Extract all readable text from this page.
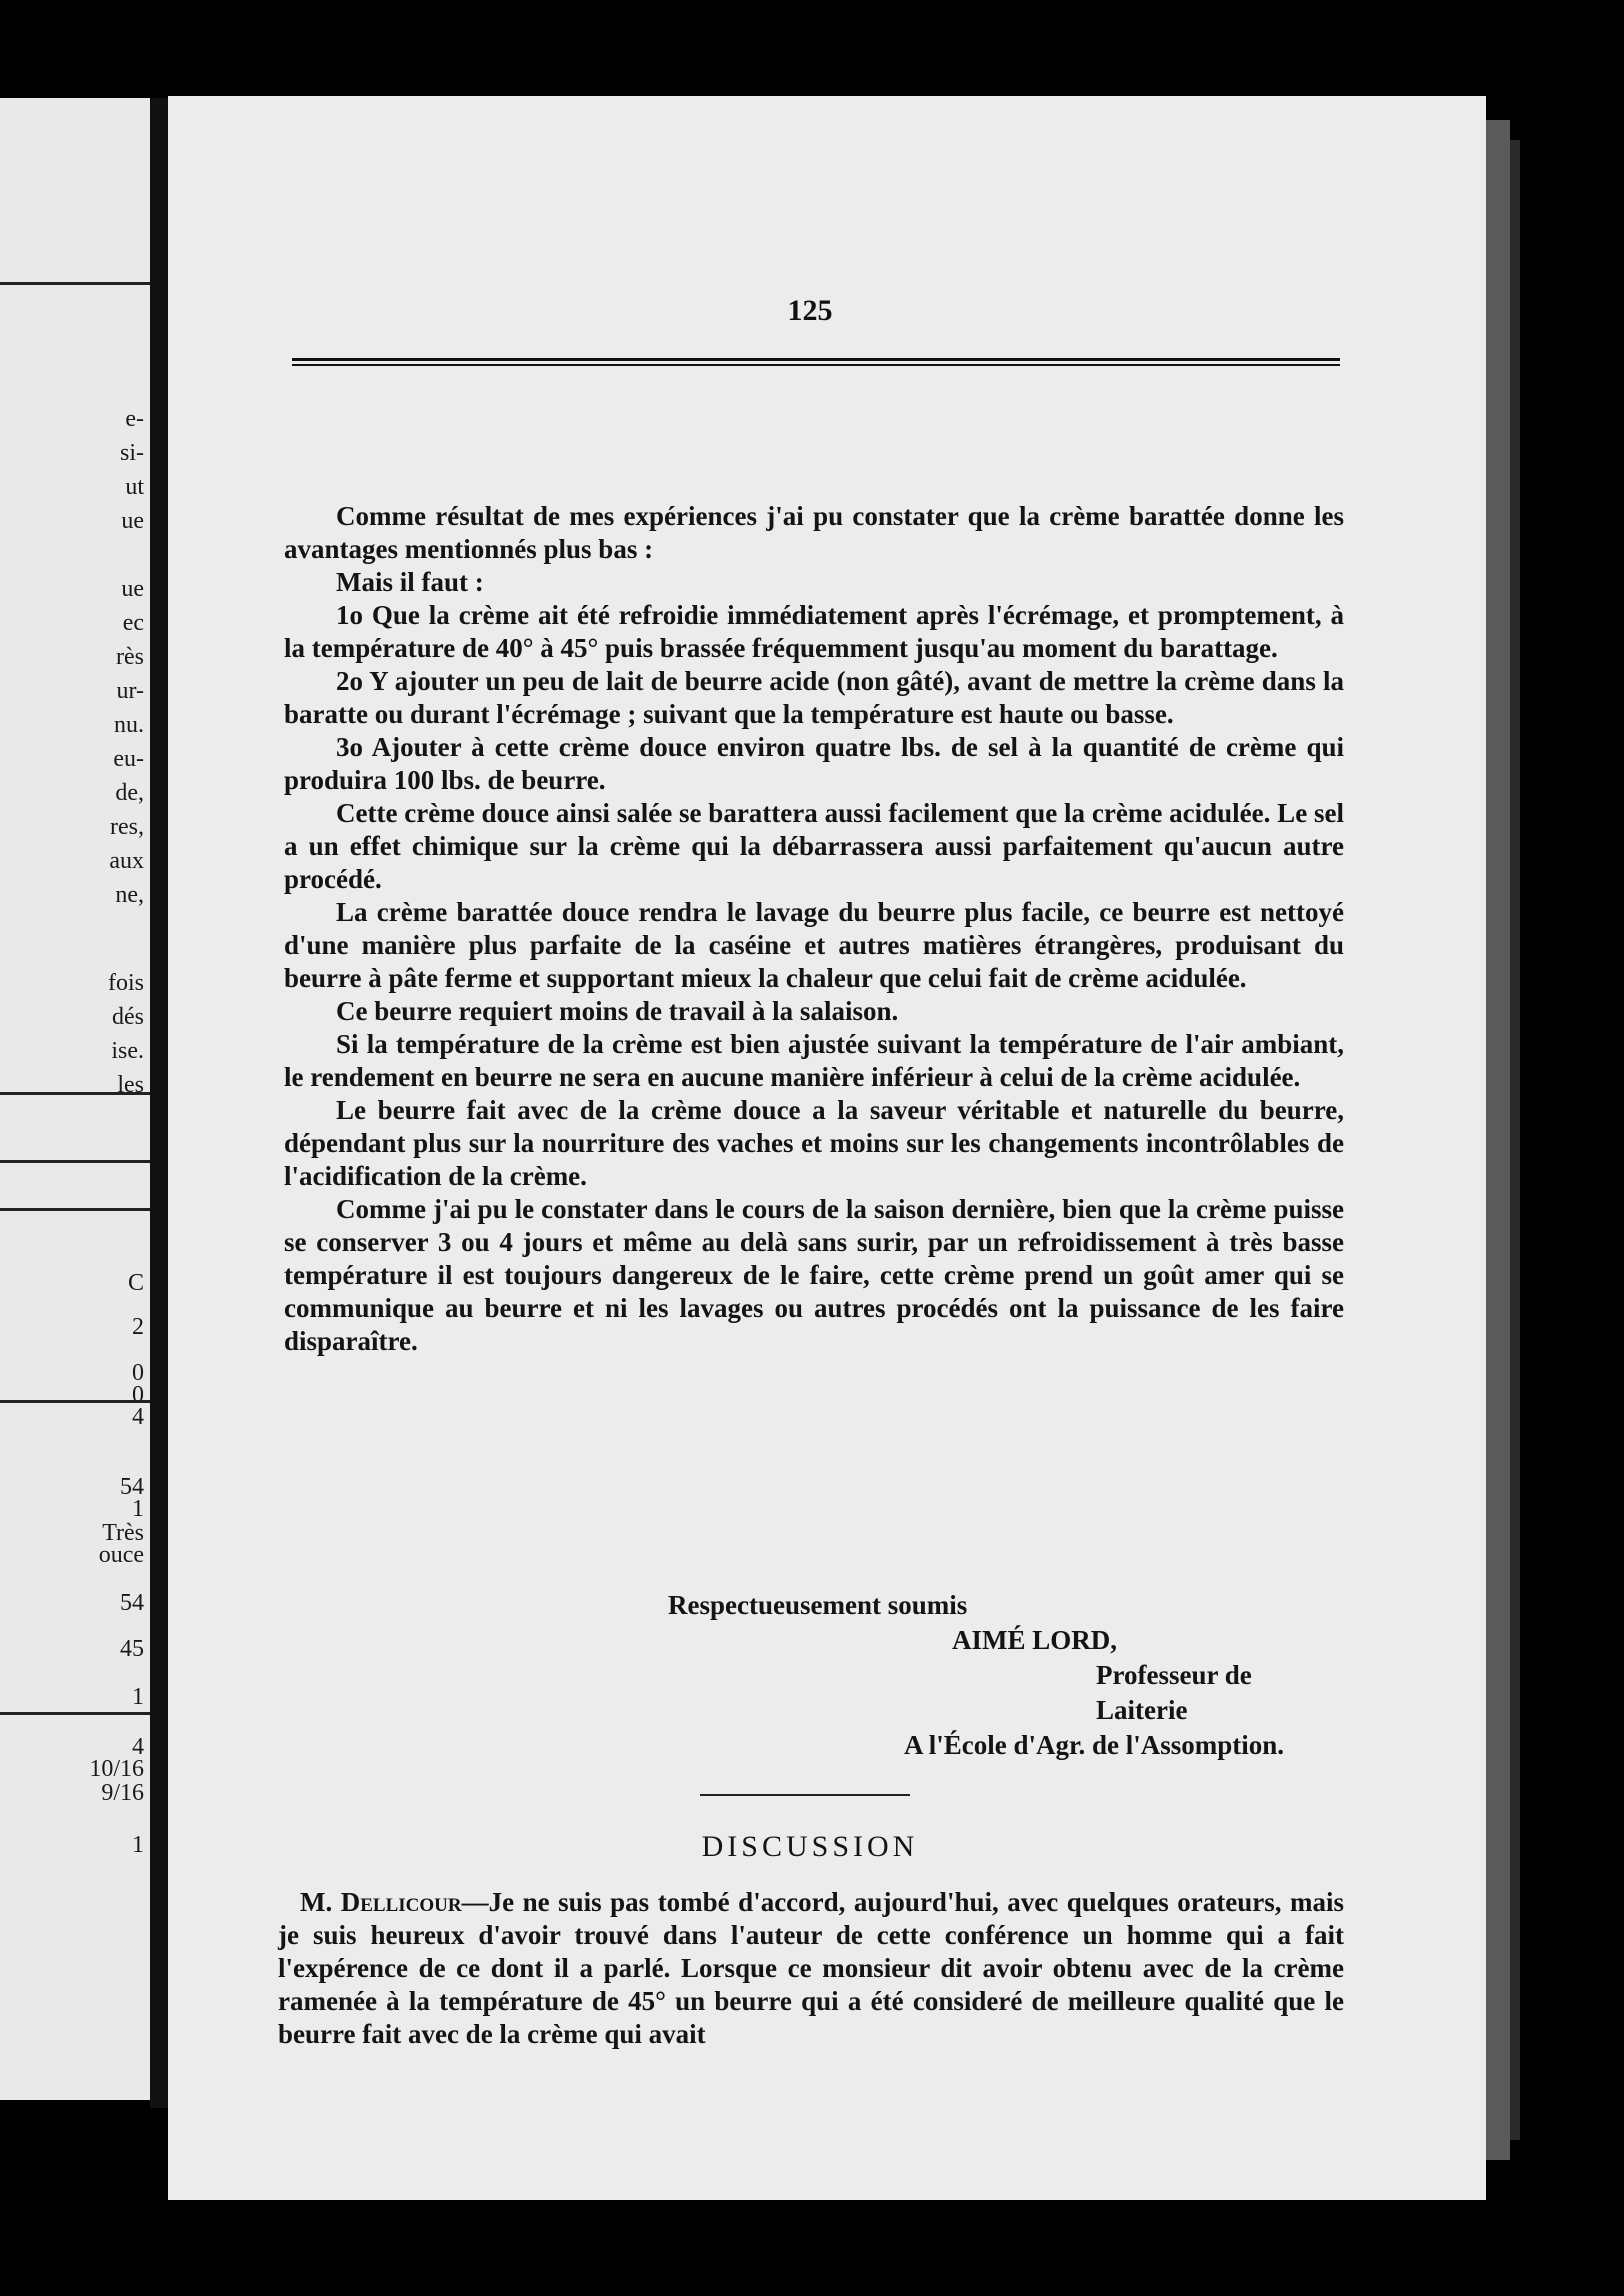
e-
si-
ut
ue
ue
ec
rès
ur-
nu.
eu-
de,
res,
aux
ne,
fois
dés
ise.
les
C
2
0
0
4
54
1
Très
ouce
54
45
1
4
10/16
9/16
1
125

Comme résultat de mes expériences j'ai pu constater que la crème barattée donne les avantages mentionnés plus bas :

Mais il faut :

1o Que la crème ait été refroidie immédiatement après l'écrémage, et promptement, à la température de 40° à 45° puis brassée fréquemment jusqu'au moment du barattage.

2o Y ajouter un peu de lait de beurre acide (non gâté), avant de mettre la crème dans la baratte ou durant l'écrémage ; suivant que la température est haute ou basse.

3o Ajouter à cette crème douce environ quatre lbs. de sel à la quantité de crème qui produira 100 lbs. de beurre.

Cette crème douce ainsi salée se barattera aussi facilement que la crème acidulée. Le sel a un effet chimique sur la crème qui la débarrassera aussi parfaitement qu'aucun autre procédé.

La crème barattée douce rendra le lavage du beurre plus facile, ce beurre est nettoyé d'une manière plus parfaite de la caséine et autres matières étrangères, produisant du beurre à pâte ferme et supportant mieux la chaleur que celui fait de crème acidulée.

Ce beurre requiert moins de travail à la salaison.

Si la température de la crème est bien ajustée suivant la température de l'air ambiant, le rendement en beurre ne sera en aucune manière inférieur à celui de la crème acidulée.

Le beurre fait avec de la crème douce a la saveur véritable et naturelle du beurre, dépendant plus sur la nourriture des vaches et moins sur les changements incontrôlables de l'acidification de la crème.

Comme j'ai pu le constater dans le cours de la saison dernière, bien que la crème puisse se conserver 3 ou 4 jours et même au delà sans surir, par un refroidissement à très basse température il est toujours dangereux de le faire, cette crème prend un goût amer qui se communique au beurre et ni les lavages ou autres procédés ont la puissance de les faire disparaître.

Respectueusement soumis
AIMÉ LORD,
Professeur de Laiterie
A l'École d'Agr. de l'Assomption.
DISCUSSION

M. Dellicour—Je ne suis pas tombé d'accord, aujourd'hui, avec quelques orateurs, mais je suis heureux d'avoir trouvé dans l'auteur de cette conférence un homme qui a fait l'expérence de ce dont il a parlé. Lorsque ce monsieur dit avoir obtenu avec de la crème ramenée à la température de 45° un beurre qui a été consideré de meilleure qualité que le beurre fait avec de la crème qui avait
